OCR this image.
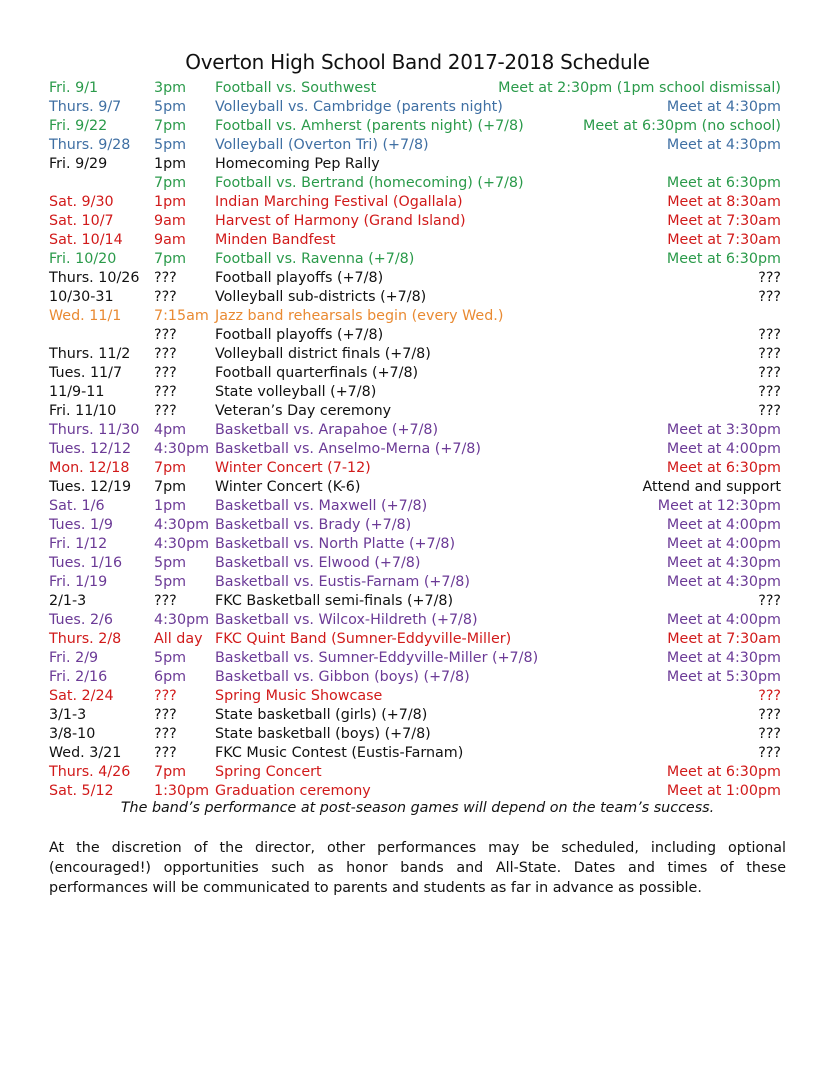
Overton High School Band 2017-2018 Schedule
Fri. 9/1	3pm Football vs. Southwest	Meet at 2:30pm (1pm school dismissal)
Thurs. 9/7 5pm Volleyball vs. Cambridge (parents night)	Meet at 4:30pm
Fri. 9/22	7pm Football vs. Amherst (parents night) (+7/8)	Meet at 6:30pm (no school)
Thurs. 9/28 5pm Volleyball (Overton Tri) (+7/8)	Meet at 4:30pm
Fri. 9/29	1pm Homecoming Pep Rally
7pm Football vs. Bertrand (homecoming) (+7/8)	Meet at 6:30pm
Sat. 9/30	1pm Indian Marching Festival (Ogallala)	Meet at 8:30am
Sat. 10/7	9am Harvest of Harmony (Grand Island)	Meet at 7:30am
Sat. 10/14 9am Minden Bandfest	Meet at 7:30am
Fri. 10/20	7pm Football vs. Ravenna (+7/8)	Meet at 6:30pm
Thurs. 10/26 ???	Football playoffs (+7/8)	???
10/30-31	???	Volleyball sub-districts (+7/8)	???
Wed. 11/1 7:15am Jazz band rehearsals begin (every Wed.)
???	Football playoffs (+7/8)	???
Thurs. 11/2 ???	Volleyball district finals (+7/8)	???
Tues. 11/7 ???	Football quarterfinals (+7/8)	???
11/9-11	???	State volleyball (+7/8)	???
Fri. 11/10	???	Veteran’s Day ceremony	???
Thurs. 11/30 4pm Basketball vs. Arapahoe (+7/8)	Meet at 3:30pm
Tues. 12/12 4:30pm Basketball vs. Anselmo-Merna (+7/8)	Meet at 4:00pm
Mon. 12/18 7pm Winter Concert (7-12)	Meet at 6:30pm
Tues. 12/19 7pm Winter Concert (K-6)	Attend and support
Sat. 1/6	1pm Basketball vs. Maxwell (+7/8)	Meet at 12:30pm
Tues. 1/9	4:30pm Basketball vs. Brady (+7/8)	Meet at 4:00pm
Fri. 1/12	4:30pm Basketball vs. North Platte (+7/8)	Meet at 4:00pm
Tues. 1/16 5pm Basketball vs. Elwood (+7/8)	Meet at 4:30pm
Fri. 1/19	5pm Basketball vs. Eustis-Farnam (+7/8)	Meet at 4:30pm
2/1-3	???	FKC Basketball semi-finals (+7/8)	???
Tues. 2/6	4:30pm Basketball vs. Wilcox-Hildreth (+7/8)	Meet at 4:00pm
Thurs. 2/8 All day FKC Quint Band (Sumner-Eddyville-Miller)	Meet at 7:30am
Fri. 2/9	5pm Basketball vs. Sumner-Eddyville-Miller (+7/8)	Meet at 4:30pm
Fri. 2/16	6pm Basketball vs. Gibbon (boys) (+7/8)	Meet at 5:30pm
Sat. 2/24	???	Spring Music Showcase	???
3/1-3	???	State basketball (girls) (+7/8)	???
3/8-10	???	State basketball (boys) (+7/8)	???
Wed. 3/21 ???	FKC Music Contest (Eustis-Farnam)	???
Thurs. 4/26 7pm Spring Concert	Meet at 6:30pm
Sat. 5/12	1:30pm Graduation ceremony	Meet at 1:00pm
The band’s performance at post-season games will depend on the team’s success.
At the discretion of the director, other performances may be scheduled, including optional (encouraged!) opportunities such as honor bands and All-State. Dates and times of these performances will be communicated to parents and students as far in advance as possible.
